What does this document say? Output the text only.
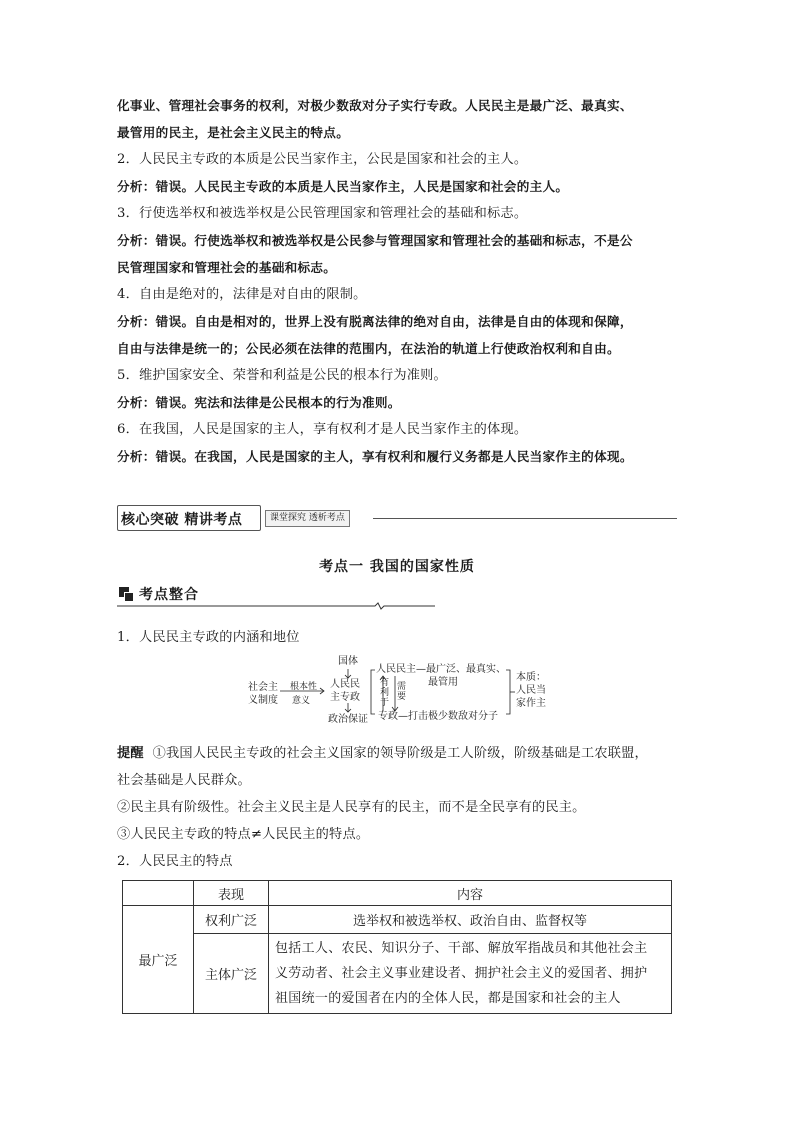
化事业、管理社会事务的权利，对极少数敌对分子实行专政。人民民主是最广泛、最真实、
最管用的民主，是社会主义民主的特点。
2．人民民主专政的本质是公民当家作主，公民是国家和社会的主人。
分析：错误。人民民主专政的本质是人民当家作主，人民是国家和社会的主人。
3．行使选举权和被选举权是公民管理国家和管理社会的基础和标志。
分析：错误。行使选举权和被选举权是公民参与管理国家和管理社会的基础和标志，不是公
民管理国家和管理社会的基础和标志。
4．自由是绝对的，法律是对自由的限制。
分析：错误。自由是相对的，世界上没有脱离法律的绝对自由，法律是自由的体现和保障，
自由与法律是统一的；公民必须在法律的范围内，在法治的轨道上行使政治权利和自由。
5．维护国家安全、荣誉和利益是公民的根本行为准则。
分析：错误。宪法和法律是公民根本的行为准则。
6．在我国，人民是国家的主人，享有权利才是人民当家作主的体现。
分析：错误。在我国，人民是国家的主人，享有权利和履行义务都是人民当家作主的体现。
核心突破 精讲考点	课堂探究 透析考点
考点一 我国的国家性质
考点整合
1．人民民主专政的内涵和地位
社会主
义制度
根本性
意义
国体
人民民
主专政
政治保证
人民民主—最广泛、最真实、
最管用
有
利
于
需
要
专政—打击极少数敌对分子
本质：
人民当
家作主
提醒 ①我国人民民主专政的社会主义国家的领导阶级是工人阶级，阶级基础是工农联盟，
社会基础是人民群众。
②民主具有阶级性。社会主义民主是人民享有的民主，而不是全民享有的民主。
③人民民主专政的特点≠人民民主的特点。
2．人民民主的特点
	表现	内容
最广泛	权利广泛	选举权和被选举权、政治自由、监督权等
	主体广泛	包括工人、农民、知识分子、干部、解放军指战员和其他社会主
义劳动者、社会主义事业建设者、拥护社会主义的爱国者、拥护
祖国统一的爱国者在内的全体人民，都是国家和社会的主人
